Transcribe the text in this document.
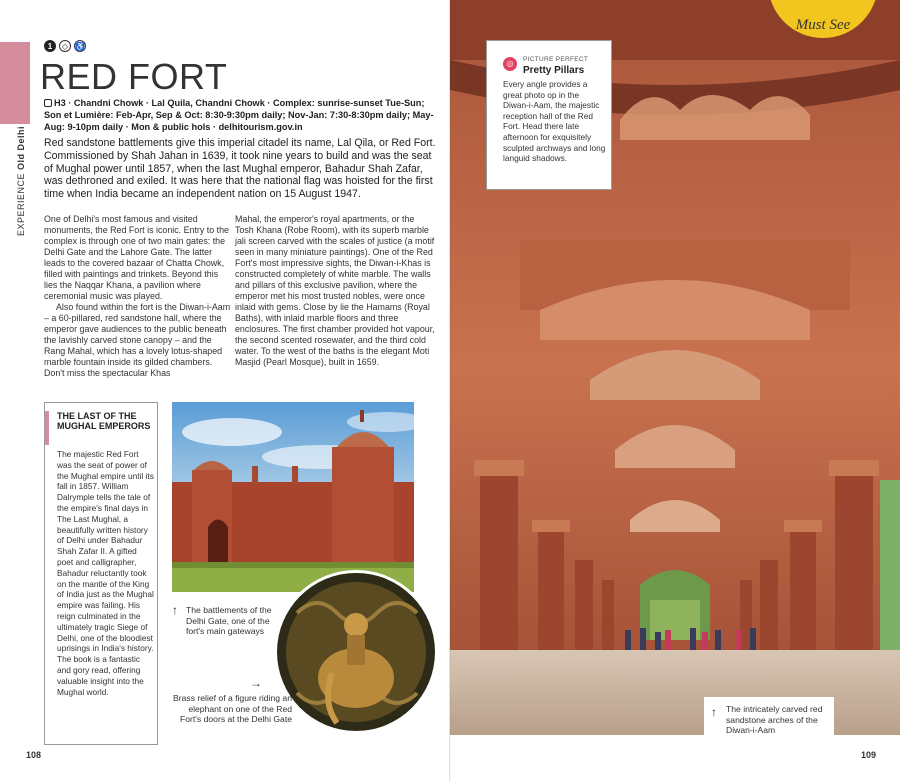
EXPERIENCE Old Delhi
1	◇ ♿
RED FORT
H3 · Chandni Chowk · Lal Quila, Chandni Chowk · Complex: sunrise-sunset Tue-Sun; Son et Lumière: Feb-Apr, Sep & Oct: 8:30-9:30pm daily; Nov-Jan: 7:30-8:30pm daily; May-Aug: 9-10pm daily · Mon & public hols · delhitourism.gov.in
Red sandstone battlements give this imperial citadel its name, Lal Qila, or Red Fort. Commissioned by Shah Jahan in 1639, it took nine years to build and was the seat of Mughal power until 1857, when the last Mughal emperor, Bahadur Shah Zafar, was dethroned and exiled. It was here that the national flag was hoisted for the first time when India became an independent nation on 15 August 1947.

One of Delhi's most famous and visited monuments, the Red Fort is iconic. Entry to the complex is through one of two main gates: the Delhi Gate and the Lahore Gate. The latter leads to the covered bazaar of Chatta Chowk, filled with paintings and trinkets. Beyond this lies the Naqqar Khana, a pavilion where ceremonial music was played.

Also found within the fort is the Diwan-i-Aam – a 60-pillared, red sandstone hall, where the emperor gave audiences to the public beneath the lavishly carved stone canopy – and the Rang Mahal, which has a lovely lotus-shaped marble fountain inside its gilded chambers. Don't miss the spectacular Khas

Mahal, the emperor's royal apartments, or the Tosh Khana (Robe Room), with its superb marble jali screen carved with the scales of justice (a motif seen in many miniature paintings). One of the Red Fort's most impressive sights, the Diwan-i-Khas is constructed completely of white marble. The walls and pillars of this exclusive pavilion, where the emperor met his most trusted nobles, were once inlaid with gems. Close by lie the Hamams (Royal Baths), with inlaid marble floors and three enclosures. The first chamber provided hot vapour, the second scented rosewater, and the third cold water. To the west of the baths is the elegant Moti Masjid (Pearl Mosque), built in 1659.

THE LAST OF THE MUGHAL EMPERORS
The majestic Red Fort was the seat of power of the Mughal empire until its fall in 1857. William Dalrymple tells the tale of the empire's final days in The Last Mughal, a beautifully written history of Delhi under Bahadur Shah Zafar II. A gifted poet and calligrapher, Bahadur reluctantly took on the mantle of the King of India just as the Mughal empire was failing. His reign culminated in the ultimately tragic Siege of Delhi, one of the bloodiest uprisings in India's history. The book is a fantastic and gory read, offering valuable insight into the Mughal world.
↑ The battlements of the Delhi Gate, one of the fort's main gateways
→
Brass relief of a figure riding an elephant on one of the Red Fort's doors at the Delhi Gate
108
Must See
◎	PICTURE PERFECT
Pretty Pillars
Every angle provides a great photo op in the Diwan-i-Aam, the majestic reception hall of the Red Fort. Head there late afternoon for exquisitely sculpted archways and long languid shadows.
↑ The intricately carved red sandstone arches of the Diwan-i-Aam
109
